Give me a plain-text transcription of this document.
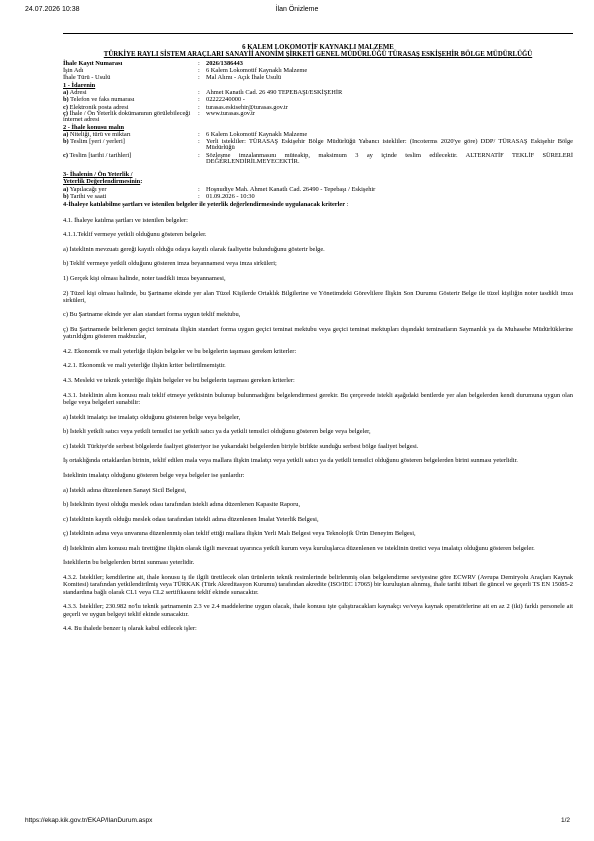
24.07.2026 10:38	İlan Önizleme
6 KALEM LOKOMOTİF KAYNAKLI MALZEME
TÜRKİYE RAYLI SİSTEM ARAÇLARI SANAYİİ ANONİM ŞİRKETİ GENEL MÜDÜRLÜĞÜ TÜRASAŞ ESKİŞEHİR BÖLGE MÜDÜRLÜĞÜ
İhale Kayıt Numarası	: 2026/1386443
İşin Adı	: 6 Kalem Lokomotif Kaynaklı Malzeme
İhale Türü - Usulü	: Mal Alımı - Açık İhale Usulü
1 - İdarenin
a) Adresi	: Ahmet Kanatlı Cad. 26 490 TEPEBAŞI/ESKİŞEHİR
b) Telefon ve faks numarası	: 02222240000 -
c) Elektronik posta adresi	: turasas.eskisehir@turasas.gov.tr
ç) İhale / Ön Yeterlik dokümanının görülebileceği internet adresi
: www.turasas.gov.tr
2 - İhale konusu malın
a) Niteliği, türü ve miktarı	: 6 Kalem Lokomotif Kaynaklı Malzeme
b) Teslim [yeri / yerleri]	: Yerli istekliler: TÜRASAŞ Eskişehir Bölge Müdürlüğü Yabancı istekliler: (Incoterms 2020'ye göre) DDP/ TÜRASAŞ Eskişehir Bölge Müdürlüğü
c) Teslim [tarihi / tarihleri]	: Sözleşme imzalanmasını müteakip, maksimum 3 ay içinde teslim edilecektir. ALTERNATİF TEKLİF SÜRELERİ DEĞERLENDİRİLMEYECEKTİR.
3- İhalenin / Ön Yeterlik /
Yeterlik Değerlendirmesinin:
a) Yapılacağı yer	: Hoşnudiye Mah. Ahmet Kanatlı Cad. 26490 - Tepebaşı / Eskişehir
b) Tarihi ve saati	: 01.09.2026 - 10:30
4-İhaleye katılabilme şartları ve istenilen belgeler ile yeterlik değerlendirmesinde uygulanacak kriterler :
4.1. İhaleye katılma şartları ve istenilen belgeler:
4.1.1.Teklif vermeye yetkili olduğunu gösteren belgeler.
a) İsteklinin mevzuatı gereği kayıtlı olduğu odaya kayıtlı olarak faaliyette bulunduğunu gösterir belge.
b) Teklif vermeye yetkili olduğunu gösteren imza beyannamesi veya imza sirküleri;
1) Gerçek kişi olması halinde, noter tasdikli imza beyannamesi,
2) Tüzel kişi olması halinde, bu Şartname ekinde yer alan Tüzel Kişilerde Ortaklık Bilgilerine ve Yönetimdeki Görevlilere İlişkin Son Durumu Gösterir Belge ile tüzel kişiliğin noter tasdikli imza sirküleri,
c) Bu Şartname ekinde yer alan standart forma uygun teklif mektubu,
ç) Bu Şartnamede belirlenen geçici teminata ilişkin standart forma uygun geçici teminat mektubu veya geçici teminat mektupları dışındaki teminatların Saymanlık ya da Muhasebe Müdürlüklerine yatırıldığını gösteren makbuzlar,
4.2. Ekonomik ve mali yeterliğe ilişkin belgeler ve bu belgelerin taşıması gereken kriterler:
4.2.1. Ekonomik ve mali yeterliğe ilişkin kriter belirtilmemiştir.
4.3. Mesleki ve teknik yeterliğe ilişkin belgeler ve bu belgelerin taşıması gereken kriterler:
4.3.1. İsteklinin alım konusu malı teklif etmeye yetkisinin bulunup bulunmadığını belgelendirmesi gerekir. Bu çerçevede istekli aşağıdaki bentlerde yer alan belgelerden kendi durumuna uygun olan belge veya belgeleri sunabilir:
a) İstekli imalatçı ise imalatçı olduğunu gösteren belge veya belgeler,
b) İstekli yetkili satıcı veya yetkili temsilci ise yetkili satıcı ya da yetkili temsilci olduğunu gösteren belge veya belgeler,
c) İstekli Türkiye'de serbest bölgelerde faaliyet gösteriyor ise yukarıdaki belgelerden biriyle birlikte sunduğu serbest bölge faaliyet belgesi.
İş ortaklığında ortaklardan birinin, teklif edilen mala veya mallara ilişkin imalatçı veya yetkili satıcı ya da yetkili temsilci olduğunu gösteren belgelerden birini sunması yeterlidir.
İsteklinin imalatçı olduğunu gösteren belge veya belgeler ise şunlardır:
a) İstekli adına düzenlenen Sanayi Sicil Belgesi,
b) İsteklinin üyesi olduğu meslek odası tarafından istekli adına düzenlenen Kapasite Raporu,
c) İsteklinin kayıtlı olduğu meslek odası tarafından istekli adına düzenlenen İmalat Yeterlik Belgesi,
ç) İsteklinin adına veya unvanına düzenlenmiş olan teklif ettiği mallara ilişkin Yerli Malı Belgesi veya Teknolojik Ürün Deneyim Belgesi,
d) İsteklinin alım konusu malı ürettiğine ilişkin olarak ilgili mevzuat uyarınca yetkili kurum veya kuruluşlarca düzenlenen ve isteklinin üretici veya imalatçı olduğunu gösteren belgeler.
İsteklilerin bu belgelerden birini sunması yeterlidir.
4.3.2. İstekliler; kendilerine ait, ihale konusu iş ile ilgili üretilecek olan ürünlerin teknik resimlerinde belirlenmiş olan belgelendirme seviyesine göre ECWRV (Avrupa Demiryolu Araçları Kaynak Komitesi) tarafından yetkilendirilmiş veya TÜRKAK (Türk Akreditasyon Kurumu) tarafından akredite (ISO/IEC 17065) bir kuruluştan alınmış, ihale tarihi itibari ile güncel ve geçerli TS EN 15085-2 standardına bağlı olarak CL1 veya CL2 sertifikasını teklif ekinde sunacaktır.
4.3.3. İstekliler; 230.982 no'lu teknik şartnamenin 2.3 ve 2.4 maddelerine uygun olacak, ihale konusu işte çalıştıracakları kaynakçı ve/veya kaynak operatörlerine ait en az 2 (iki) farklı personele ait geçerli ve uygun belgeyi teklif ekinde sunacaktır.
4.4. Bu ihalede benzer iş olarak kabul edilecek işler:
https://ekap.kik.gov.tr/EKAP/IlanDurum.aspx	1/2
